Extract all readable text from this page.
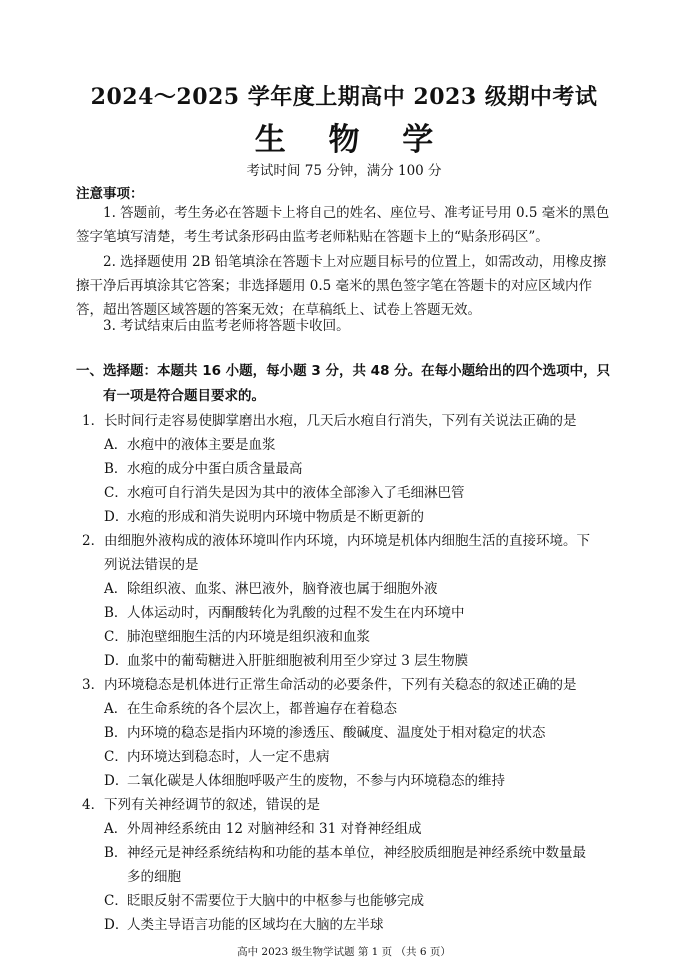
2024～2025 学年度上期高中 2023 级期中考试
生 物 学
考试时间 75 分钟，满分 100 分
注意事项：
1. 答题前，考生务必在答题卡上将自己的姓名、座位号、准考证号用 0.5 毫米的黑色
签字笔填写清楚，考生考试条形码由监考老师粘贴在答题卡上的“贴条形码区”。
2. 选择题使用 2B 铅笔填涂在答题卡上对应题目标号的位置上，如需改动，用橡皮擦
擦干净后再填涂其它答案；非选择题用 0.5 毫米的黑色签字笔在答题卡的对应区域内作
答，超出答题区域答题的答案无效；在草稿纸上、试卷上答题无效。
3. 考试结束后由监考老师将答题卡收回。
一、选择题：本题共 16 小题，每小题 3 分，共 48 分。在每小题给出的四个选项中，只
有一项是符合题目要求的。
1．长时间行走容易使脚掌磨出水疱，几天后水疱自行消失，下列有关说法正确的是
A．水疱中的液体主要是血浆
B．水疱的成分中蛋白质含量最高
C．水疱可自行消失是因为其中的液体全部渗入了毛细淋巴管
D．水疱的形成和消失说明内环境中物质是不断更新的
2．由细胞外液构成的液体环境叫作内环境，内环境是机体内细胞生活的直接环境。下
列说法错误的是
A．除组织液、血浆、淋巴液外，脑脊液也属于细胞外液
B．人体运动时，丙酮酸转化为乳酸的过程不发生在内环境中
C．肺泡壁细胞生活的内环境是组织液和血浆
D．血浆中的葡萄糖进入肝脏细胞被利用至少穿过 3 层生物膜
3．内环境稳态是机体进行正常生命活动的必要条件，下列有关稳态的叙述正确的是
A．在生命系统的各个层次上，都普遍存在着稳态
B．内环境的稳态是指内环境的渗透压、酸碱度、温度处于相对稳定的状态
C．内环境达到稳态时，人一定不患病
D．二氧化碳是人体细胞呼吸产生的废物，不参与内环境稳态的维持
4．下列有关神经调节的叙述，错误的是
A．外周神经系统由 12 对脑神经和 31 对脊神经组成
B．神经元是神经系统结构和功能的基本单位，神经胶质细胞是神经系统中数量最
多的细胞
C．眨眼反射不需要位于大脑中的中枢参与也能够完成
D．人类主导语言功能的区域均在大脑的左半球
高中 2023 级生物学试题 第 1 页 （共 6 页）
